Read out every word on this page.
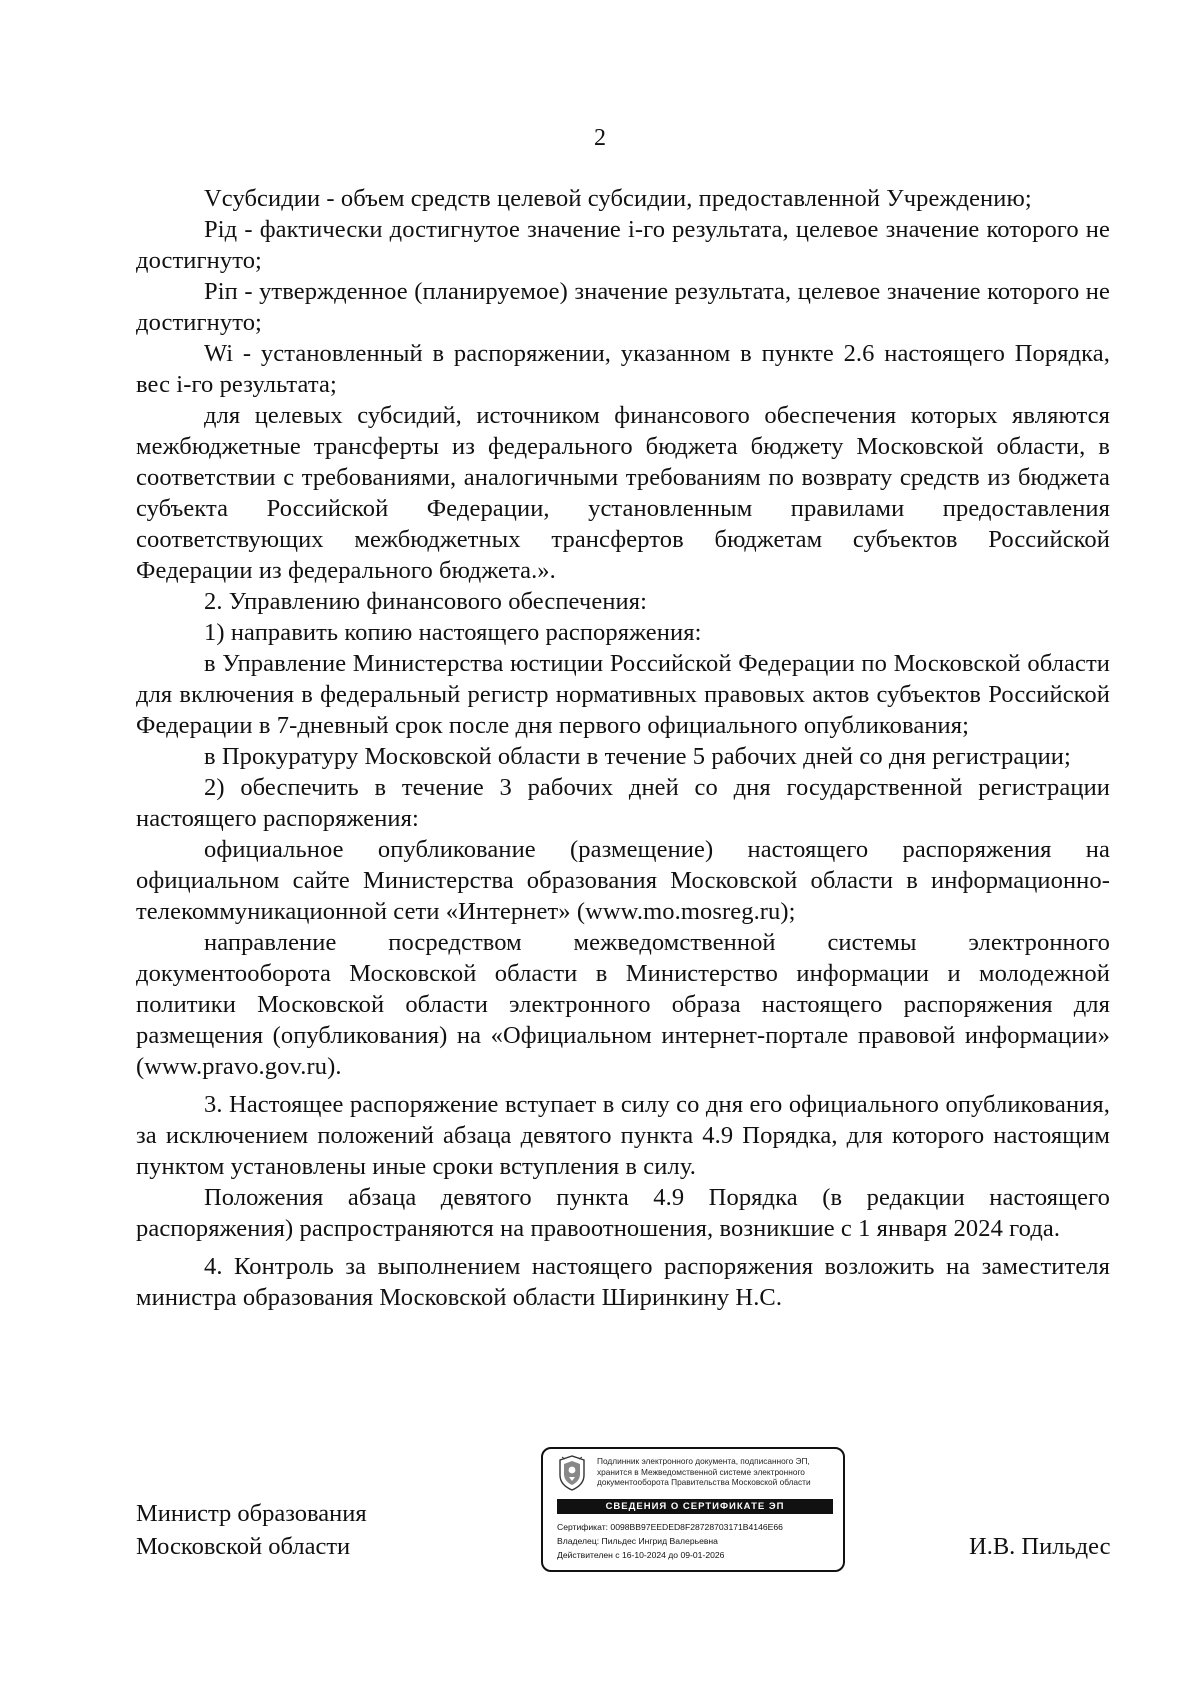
2

Vсубсидии - объем средств целевой субсидии, предоставленной Учреждению;

Piд - фактически достигнутое значение i-го результата, целевое значение которого не достигнуто;

Piп - утвержденное (планируемое) значение результата, целевое значение которого не достигнуто;

Wi - установленный в распоряжении, указанном в пункте 2.6 настоящего Порядка, вес i-го результата;

для целевых субсидий, источником финансового обеспечения которых являются межбюджетные трансферты из федерального бюджета бюджету Московской области, в соответствии с требованиями, аналогичными требованиям по возврату средств из бюджета субъекта Российской Федерации, установленным правилами предоставления соответствующих межбюджетных трансфертов бюджетам субъектов Российской Федерации из федерального бюджета.».

2. Управлению финансового обеспечения:

1) направить копию настоящего распоряжения:

в Управление Министерства юстиции Российской Федерации по Московской области для включения в федеральный регистр нормативных правовых актов субъектов Российской Федерации в 7-дневный срок после дня первого официального опубликования;

в Прокуратуру Московской области в течение 5 рабочих дней со дня регистрации;

2) обеспечить в течение 3 рабочих дней со дня государственной регистрации настоящего распоряжения:

официальное опубликование (размещение) настоящего распоряжения на официальном сайте Министерства образования Московской области в информационно-телекоммуникационной сети «Интернет» (www.mo.mosreg.ru);

направление посредством межведомственной системы электронного документооборота Московской области в Министерство информации и молодежной политики Московской области электронного образа настоящего распоряжения для размещения (опубликования) на «Официальном интернет-портале правовой информации» (www.pravo.gov.ru).

3. Настоящее распоряжение вступает в силу со дня его официального опубликования, за исключением положений абзаца девятого пункта 4.9 Порядка, для которого настоящим пунктом установлены иные сроки вступления в силу.

Положения абзаца девятого пункта 4.9 Порядка (в редакции настоящего распоряжения) распространяются на правоотношения, возникшие с 1 января 2024 года.

4. Контроль за выполнением настоящего распоряжения возложить на заместителя министра образования Московской области Ширинкину Н.С.

Министр образования
Московской области
Подлинник электронного документа, подписанного ЭП,
хранится в Межведомственной системе электронного
документооборота Правительства Московской области
СВЕДЕНИЯ О СЕРТИФИКАТЕ ЭП
Сертификат: 0098BB97EEDED8F28728703171B4146E66
Владелец: Пильдес Ингрид Валерьевна
Действителен с 16-10-2024 до 09-01-2026	И.В. Пильдес
